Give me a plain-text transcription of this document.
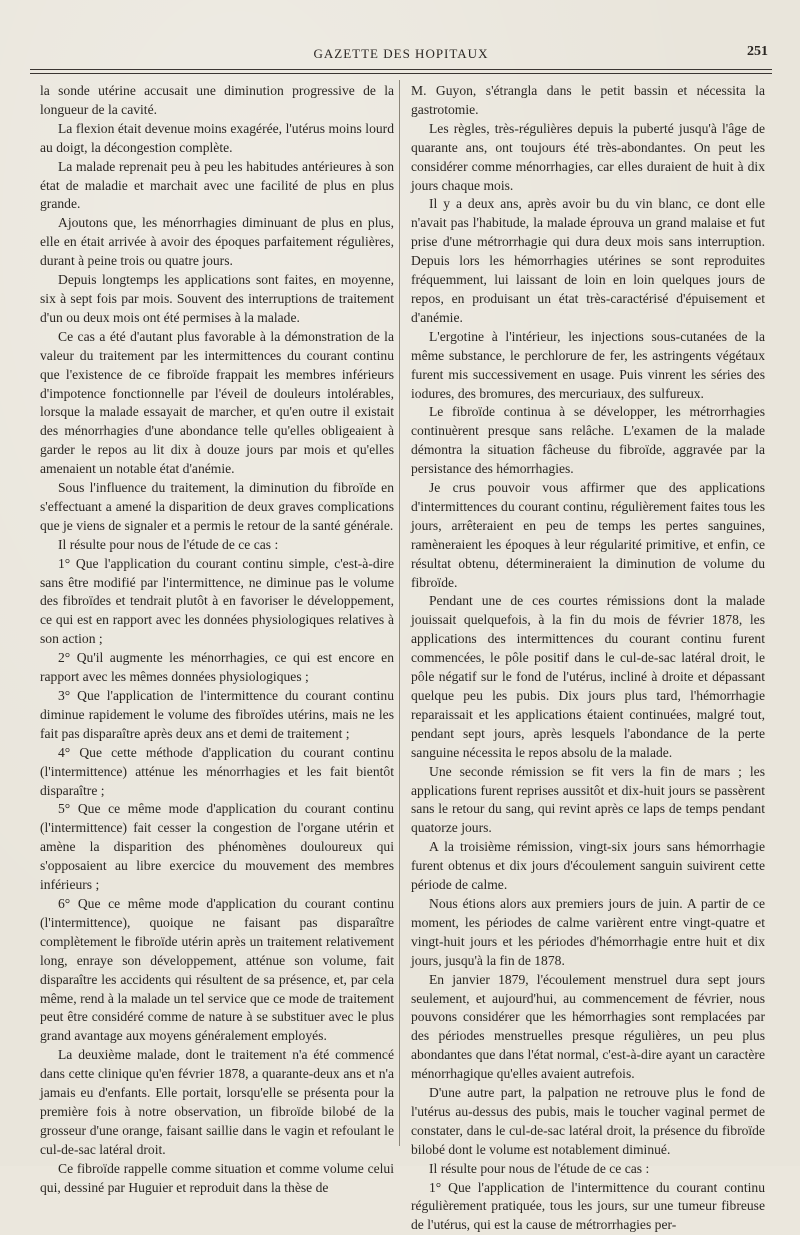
GAZETTE DES HOPITAUX	251

la sonde utérine accusait une diminution progressive de la longueur de la cavité.

La flexion était devenue moins exagérée, l'utérus moins lourd au doigt, la décongestion complète.

La malade reprenait peu à peu les habitudes antérieures à son état de maladie et marchait avec une facilité de plus en plus grande.

Ajoutons que, les ménorrhagies diminuant de plus en plus, elle en était arrivée à avoir des époques parfaitement régulières, durant à peine trois ou quatre jours.

Depuis longtemps les applications sont faites, en moyenne, six à sept fois par mois. Souvent des interruptions de traitement d'un ou deux mois ont été permises à la malade.

Ce cas a été d'autant plus favorable à la démonstration de la valeur du traitement par les intermittences du courant continu que l'existence de ce fibroïde frappait les membres inférieurs d'impotence fonctionnelle par l'éveil de douleurs intolérables, lorsque la malade essayait de marcher, et qu'en outre il existait des ménorrhagies d'une abondance telle qu'elles obligeaient à garder le repos au lit dix à douze jours par mois et qu'elles amenaient un notable état d'anémie.

Sous l'influence du traitement, la diminution du fibroïde en s'effectuant a amené la disparition de deux graves complications que je viens de signaler et a permis le retour de la santé générale.

Il résulte pour nous de l'étude de ce cas :

1° Que l'application du courant continu simple, c'est-à-dire sans être modifié par l'intermittence, ne diminue pas le volume des fibroïdes et tendrait plutôt à en favoriser le développement, ce qui est en rapport avec les données physiologiques relatives à son action ;

2° Qu'il augmente les ménorrhagies, ce qui est encore en rapport avec les mêmes données physiologiques ;

3° Que l'application de l'intermittence du courant continu diminue rapidement le volume des fibroïdes utérins, mais ne les fait pas disparaître après deux ans et demi de traitement ;

4° Que cette méthode d'application du courant continu (l'intermittence) atténue les ménorrhagies et les fait bientôt disparaître ;

5° Que ce même mode d'application du courant continu (l'intermittence) fait cesser la congestion de l'organe utérin et amène la disparition des phénomènes douloureux qui s'opposaient au libre exercice du mouvement des membres inférieurs ;

6° Que ce même mode d'application du courant continu (l'intermittence), quoique ne faisant pas disparaître complètement le fibroïde utérin après un traitement relativement long, enraye son développement, atténue son volume, fait disparaître les accidents qui résultent de sa présence, et, par cela même, rend à la malade un tel service que ce mode de traitement peut être considéré comme de nature à se substituer avec le plus grand avantage aux moyens généralement employés.

La deuxième malade, dont le traitement n'a été commencé dans cette clinique qu'en février 1878, a quarante-deux ans et n'a jamais eu d'enfants. Elle portait, lorsqu'elle se présenta pour la première fois à notre observation, un fibroïde bilobé de la grosseur d'une orange, faisant saillie dans le vagin et refoulant le cul-de-sac latéral droit.

Ce fibroïde rappelle comme situation et comme volume celui qui, dessiné par Huguier et reproduit dans la thèse de

M. Guyon, s'étrangla dans le petit bassin et nécessita la gastrotomie.

Les règles, très-régulières depuis la puberté jusqu'à l'âge de quarante ans, ont toujours été très-abondantes. On peut les considérer comme ménorrhagies, car elles duraient de huit à dix jours chaque mois.

Il y a deux ans, après avoir bu du vin blanc, ce dont elle n'avait pas l'habitude, la malade éprouva un grand malaise et fut prise d'une métrorrhagie qui dura deux mois sans interruption. Depuis lors les hémorrhagies utérines se sont reproduites fréquemment, lui laissant de loin en loin quelques jours de repos, en produisant un état très-caractérisé d'épuisement et d'anémie.

L'ergotine à l'intérieur, les injections sous-cutanées de la même substance, le perchlorure de fer, les astringents végétaux furent mis successivement en usage. Puis vinrent les séries des iodures, des bromures, des mercuriaux, des sulfureux.

Le fibroïde continua à se développer, les métrorrhagies continuèrent presque sans relâche. L'examen de la malade démontra la situation fâcheuse du fibroïde, aggravée par la persistance des hémorrhagies.

Je crus pouvoir vous affirmer que des applications d'intermittences du courant continu, régulièrement faites tous les jours, arrêteraient en peu de temps les pertes sanguines, ramèneraient les époques à leur régularité primitive, et enfin, ce résultat obtenu, détermineraient la diminution de volume du fibroïde.

Pendant une de ces courtes rémissions dont la malade jouissait quelquefois, à la fin du mois de février 1878, les applications des intermittences du courant continu furent commencées, le pôle positif dans le cul-de-sac latéral droit, le pôle négatif sur le fond de l'utérus, incliné à droite et dépassant quelque peu les pubis. Dix jours plus tard, l'hémorrhagie reparaissait et les applications étaient continuées, malgré tout, pendant sept jours, après lesquels l'abondance de la perte sanguine nécessita le repos absolu de la malade.

Une seconde rémission se fit vers la fin de mars ; les applications furent reprises aussitôt et dix-huit jours se passèrent sans le retour du sang, qui revint après ce laps de temps pendant quatorze jours.

A la troisième rémission, vingt-six jours sans hémorrhagie furent obtenus et dix jours d'écoulement sanguin suivirent cette période de calme.

Nous étions alors aux premiers jours de juin. A partir de ce moment, les périodes de calme varièrent entre vingt-quatre et vingt-huit jours et les périodes d'hémorrhagie entre huit et dix jours, jusqu'à la fin de 1878.

En janvier 1879, l'écoulement menstruel dura sept jours seulement, et aujourd'hui, au commencement de février, nous pouvons considérer que les hémorrhagies sont remplacées par des périodes menstruelles presque régulières, un peu plus abondantes que dans l'état normal, c'est-à-dire ayant un caractère ménorrhagique qu'elles avaient autrefois.

D'une autre part, la palpation ne retrouve plus le fond de l'utérus au-dessus des pubis, mais le toucher vaginal permet de constater, dans le cul-de-sac latéral droit, la présence du fibroïde bilobé dont le volume est notablement diminué.

Il résulte pour nous de l'étude de ce cas :

1° Que l'application de l'intermittence du courant continu régulièrement pratiquée, tous les jours, sur une tumeur fibreuse de l'utérus, qui est la cause de métrorrhagies per-
